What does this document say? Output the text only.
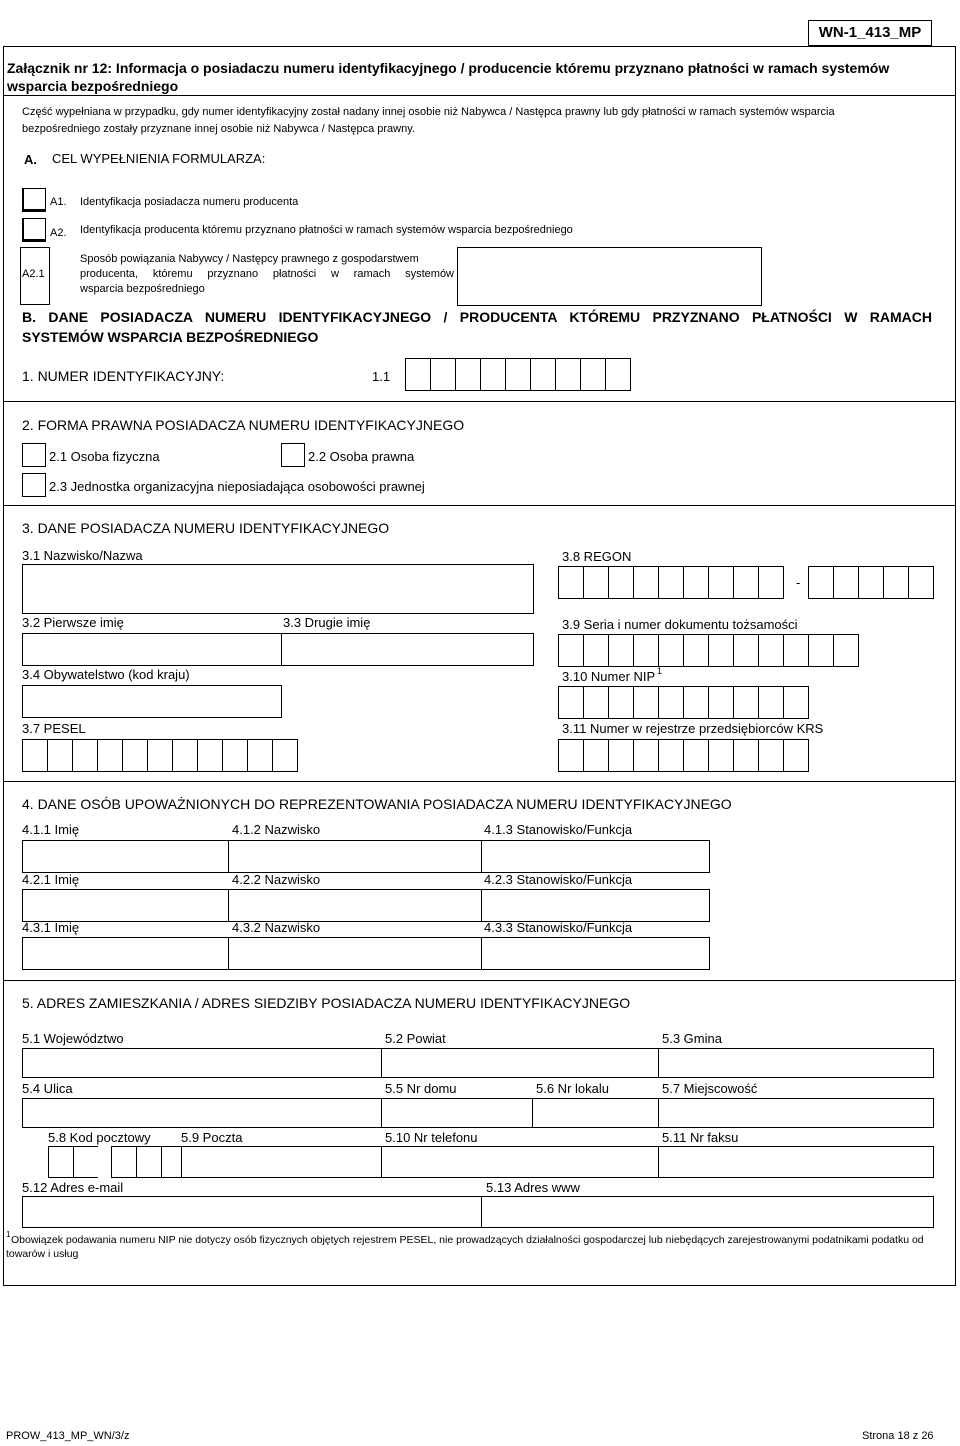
WN-1_413_MP
Załącznik nr 12: Informacja o posiadaczu numeru identyfikacyjnego / producencie któremu przyznano płatności w ramach systemów
wsparcia bezpośredniego
Część wypełniana w przypadku, gdy numer identyfikacyjny został nadany innej osobie niż Nabywca / Następca prawny lub gdy płatności w ramach systemów wsparcia
bezpośredniego zostały przyznane innej osobie niż Nabywca / Następca prawny.
A. CEL WYPEŁNIENIA FORMULARZA:
A1. Identyfikacja posiadacza numeru producenta
A2. Identyfikacja producenta któremu przyznano płatności w ramach systemów wsparcia bezpośredniego
A2.1
Sposób powiązania Nabywcy / Następcy prawnego z gospodarstwem
producenta, któremu przyznano płatności w ramach systemów
wsparcia bezpośredniego
B. DANE POSIADACZA NUMERU IDENTYFIKACYJNEGO / PRODUCENTA KTÓREMU PRZYZNANO PŁATNOŚCI W RAMACH
SYSTEMÓW WSPARCIA BEZPOŚREDNIEGO
1. NUMER IDENTYFIKACYJNY:	1.1
2. FORMA PRAWNA POSIADACZA NUMERU IDENTYFIKACYJNEGO
2.1 Osoba fizyczna	2.2 Osoba prawna
2.3 Jednostka organizacyjna nieposiadająca osobowości prawnej
3. DANE POSIADACZA NUMERU IDENTYFIKACYJNEGO
3.1 Nazwisko/Nazwa	3.8 REGON
-
3.2 Pierwsze imię	3.3 Drugie imię	3.9 Seria i numer dokumentu tożsamości
3.4 Obywatelstwo (kod kraju)	3.10 Numer NIP 1
3.7 PESEL	3.11 Numer w rejestrze przedsiębiorców KRS
4. DANE OSÓB UPOWAŻNIONYCH DO REPREZENTOWANIA POSIADACZA NUMERU IDENTYFIKACYJNEGO
4.1.1 Imię	4.1.2 Nazwisko	4.1.3 Stanowisko/Funkcja
4.2.1 Imię	4.2.2 Nazwisko	4.2.3 Stanowisko/Funkcja
4.3.1 Imię	4.3.2 Nazwisko	4.3.3 Stanowisko/Funkcja
5. ADRES ZAMIESZKANIA / ADRES SIEDZIBY POSIADACZA NUMERU IDENTYFIKACYJNEGO
5.1 Województwo	5.2 Powiat	5.3 Gmina
5.4 Ulica	5.5 Nr domu	5.6 Nr lokalu	5.7 Miejscowość
5.8 Kod pocztowy 5.9 Poczta	5.10 Nr telefonu	5.11 Nr faksu
5.12 Adres e-mail	5.13 Adres www
1 Obowiązek podawania numeru NIP nie dotyczy osób fizycznych objętych rejestrem PESEL, nie prowadzących działalności gospodarczej lub niebędących zarejestrowanymi podatnikami podatku od
towarów i usług
PROW_413_MP_WN/3/z	Strona 18 z 26
